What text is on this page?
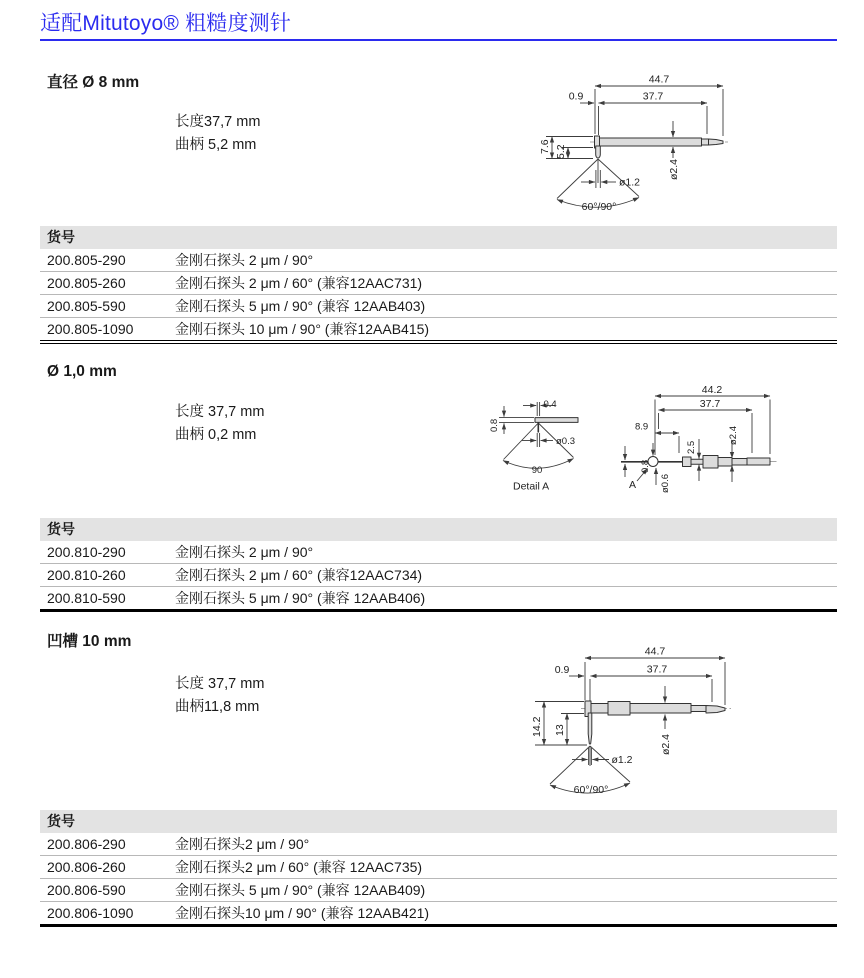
适配Mitutoyo® 粗糙度测针
直径 Ø 8 mm
长度37,7 mm
曲柄 5,2 mm
44.7
0.9	37.7
7.6 5.2
ø2.4
ø1.2
60°/90°
货号
200.805-290	金刚石探头 2 μm / 90°
200.805-260	金刚石探头 2 μm / 60° (兼容12AAC731)
200.805-590	金刚石探头 5 μm / 90° (兼容 12AAB403)
200.805-1090	金刚石探头 10 μm / 90° (兼容12AAB415)
Ø 1,0 mm
长度 37,7 mm
曲柄 0,2 mm
0.4
0.8
ø0.3
90
Detail A
44.2
37.7
8.9
2.5
ø2.4
0.8
ø0.6
A
货号
200.810-290	金刚石探头 2 μm / 90°
200.810-260	金刚石探头 2 μm / 60° (兼容12AAC734)
200.810-590	金刚石探头 5 μm / 90° (兼容 12AAB406)
凹槽 10 mm
长度 37,7 mm
曲柄11,8 mm
44.7
0.9	37.7
14.2 13
ø2.4
ø1.2
60°/90°
货号
200.806-290	金刚石探头2 μm / 90°
200.806-260	金刚石探头2 μm / 60° (兼容 12AAC735)
200.806-590	金刚石探头 5 μm / 90° (兼容 12AAB409)
200.806-1090	金刚石探头10 μm / 90° (兼容 12AAB421)
